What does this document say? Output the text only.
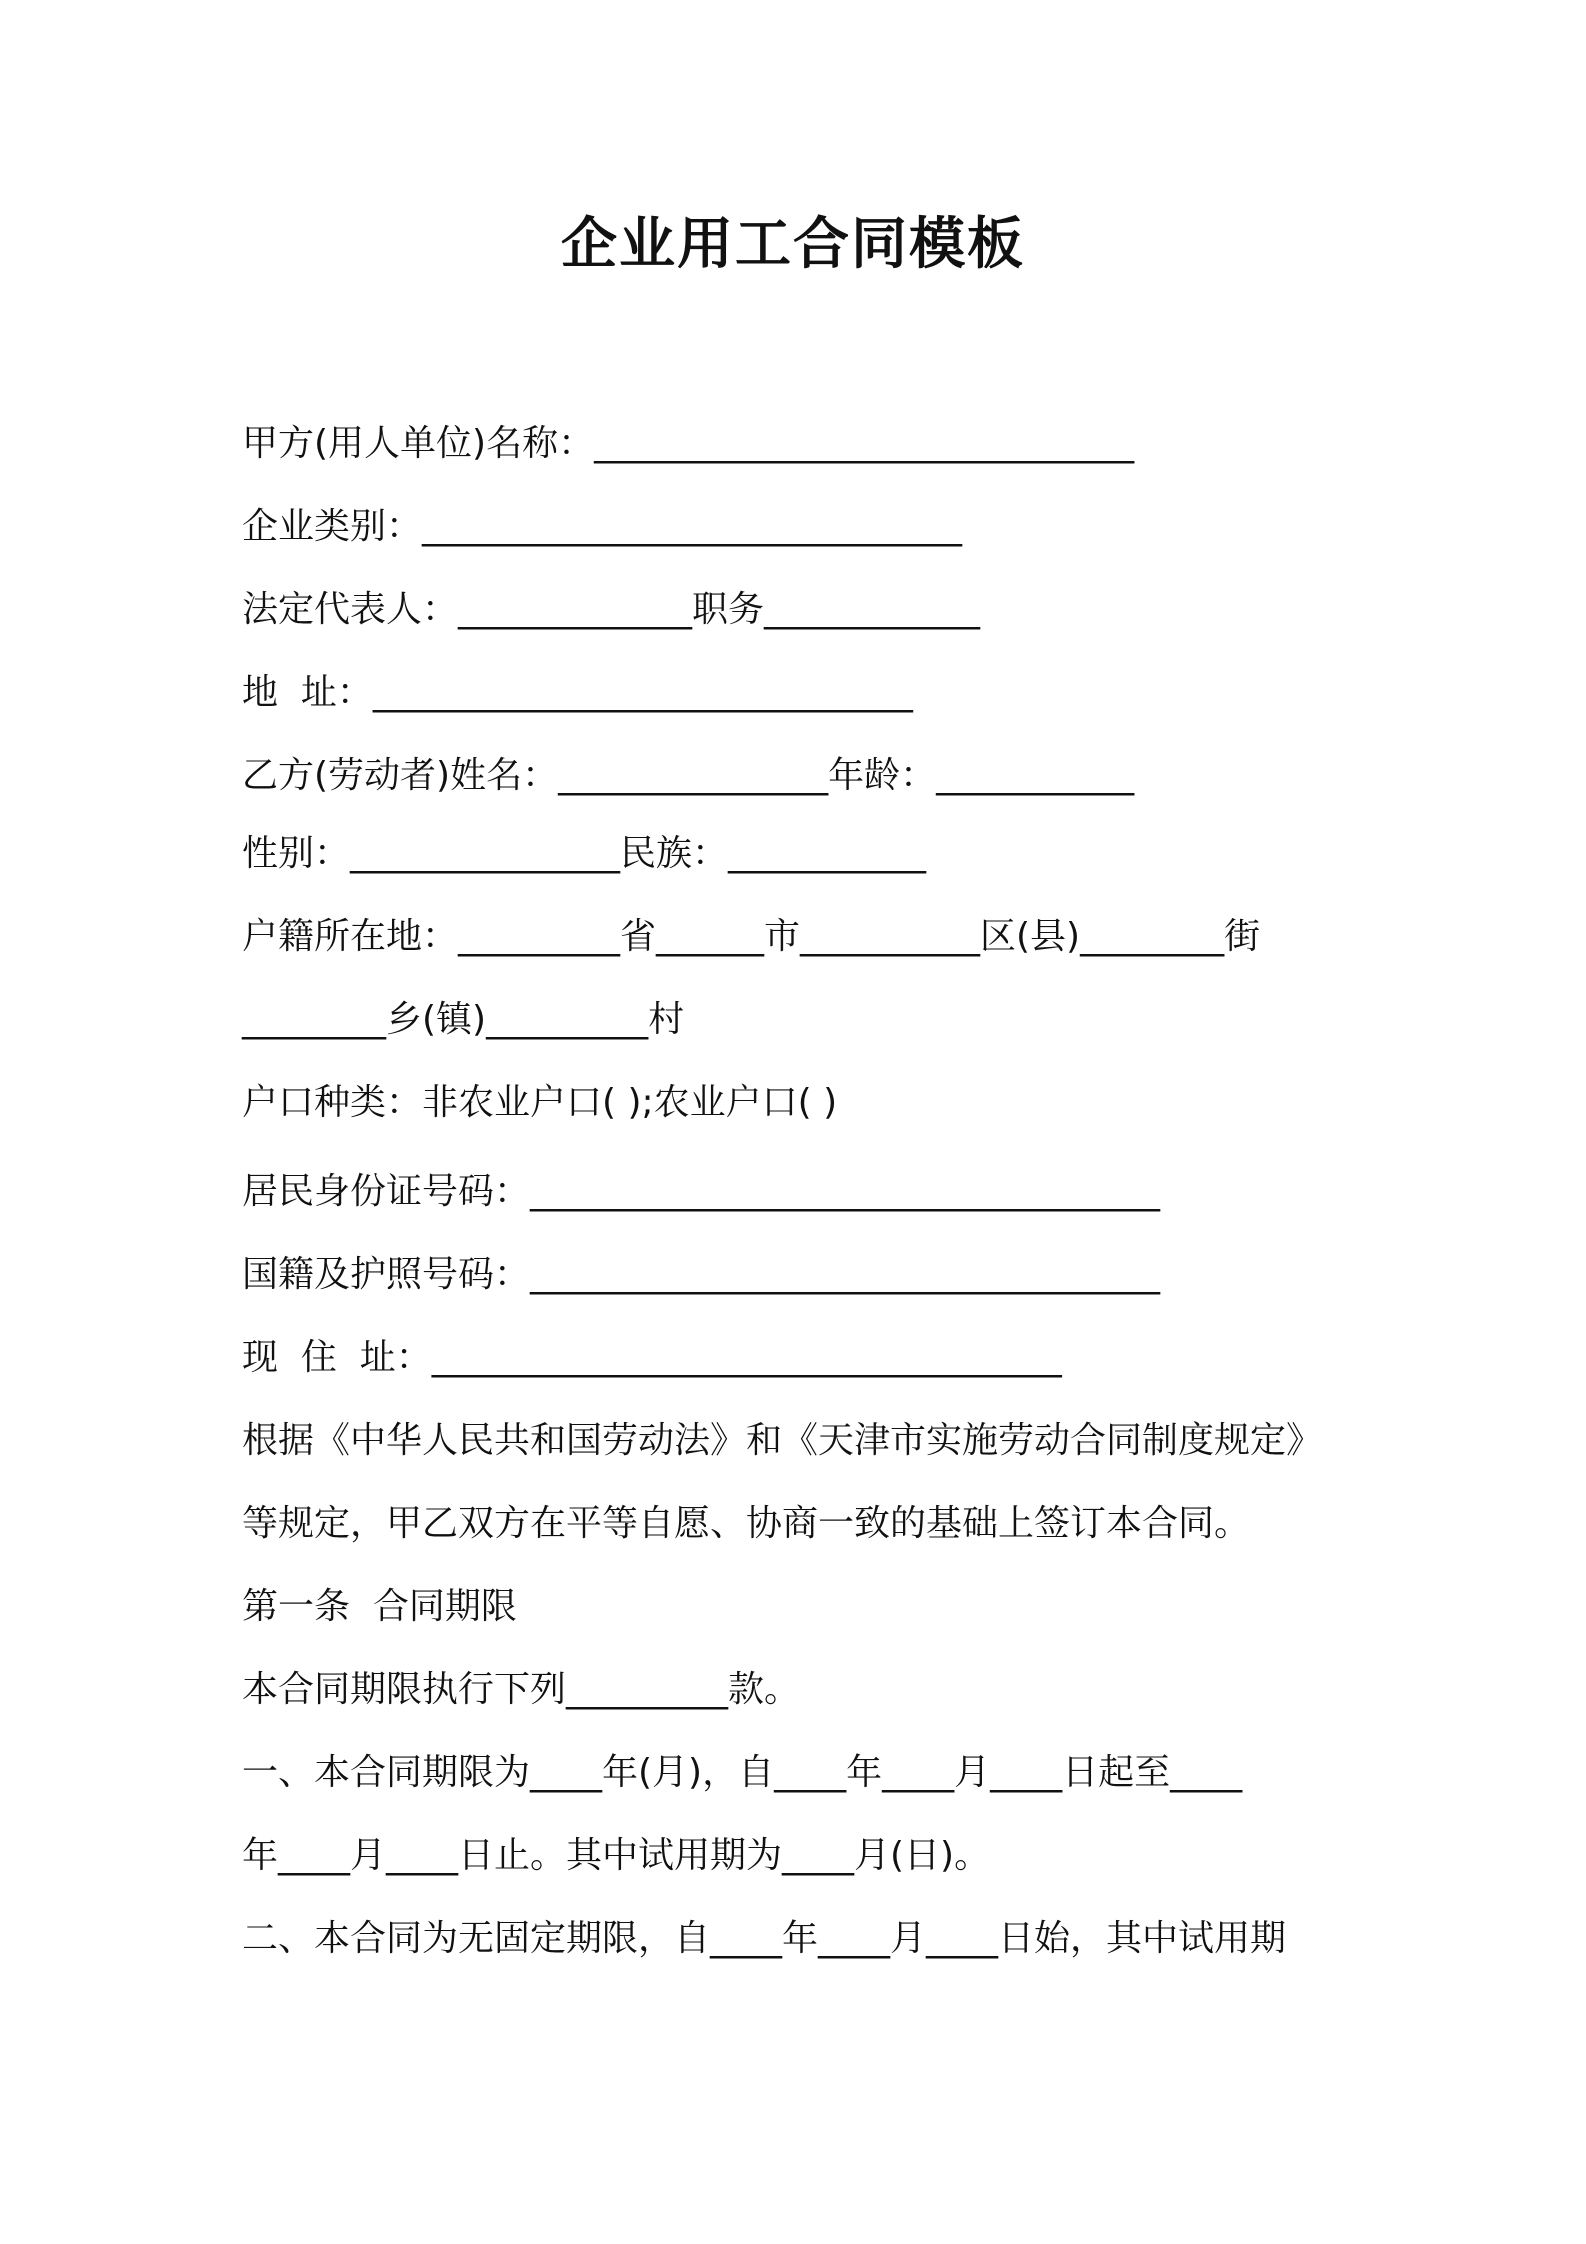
企业用工合同模板
甲方(用人单位)名称：______________________________
企业类别：______________________________
法定代表人：_____________职务____________
地  址：______________________________
乙方(劳动者)姓名：_______________年龄：___________
性别：_______________民族：___________
户籍所在地：_________省______市__________区(县)________街
________乡(镇)_________村
户口种类：非农业户口( );农业户口( )
居民身份证号码：___________________________________
国籍及护照号码：___________________________________
现  住  址：___________________________________
根据《中华人民共和国劳动法》和《天津市实施劳动合同制度规定》
等规定，甲乙双方在平等自愿、协商一致的基础上签订本合同。
第一条  合同期限
本合同期限执行下列_________款。
一、本合同期限为____年(月)，自____年____月____日起至____
年____月____日止。其中试用期为____月(日)。
二、本合同为无固定期限，自____年____月____日始，其中试用期
